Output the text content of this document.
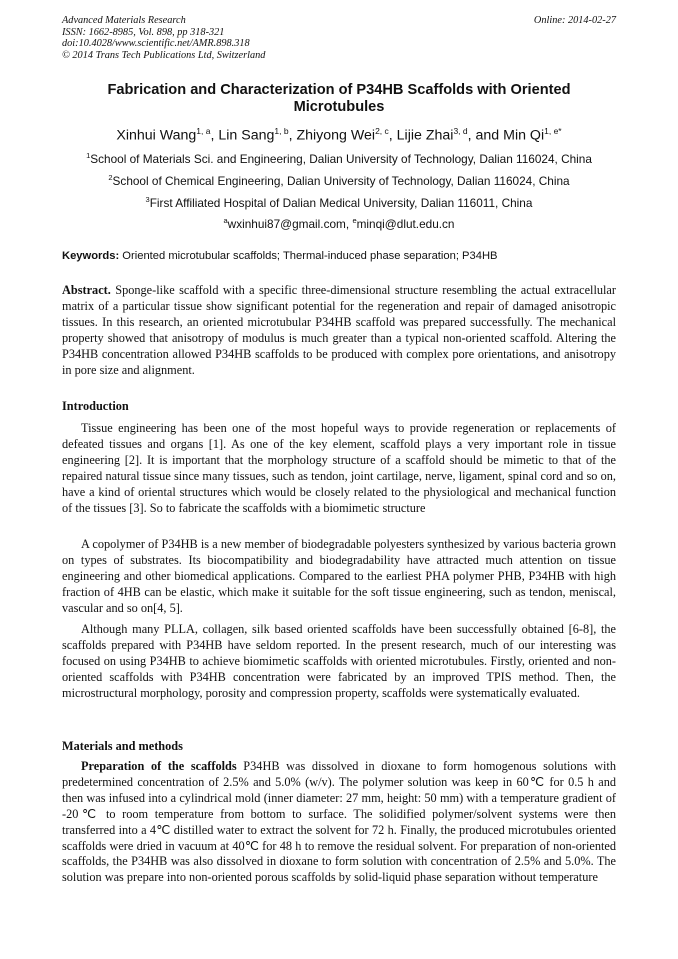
Advanced Materials Research
ISSN: 1662-8985, Vol. 898, pp 318-321
doi:10.4028/www.scientific.net/AMR.898.318
© 2014 Trans Tech Publications Ltd, Switzerland
Online: 2014-02-27
Fabrication and Characterization of P34HB Scaffolds with Oriented Microtubules
Xinhui Wang$^{1, a}$, Lin Sang$^{1, b}$, Zhiyong Wei$^{2, c}$, Lijie Zhai$^{3, d}$, and Min $Qi^{1, e*}$
$^1$School of Materials Sci. and Engineering, Dalian University of Technology, Dalian 116024, China
$^2$School of Chemical Engineering, Dalian University of Technology, Dalian 116024, China
$^3$First Affiliated Hospital of Dalian Medical University, Dalian 116011, China
$^a$wxinhui87@gmail.com, $^e$minqi@dlut.edu.cn
Keywords: Oriented microtubular scaffolds; Thermal-induced phase separation; P34HB

Abstract. Sponge-like scaffold with a specific three-dimensional structure resembling the actual extracellular matrix of a particular tissue show significant potential for the regeneration and repair of damaged anisotropic tissues. In this research, an oriented microtubular P34HB scaffold was prepared successfully. The mechanical property showed that anisotropy of modulus is much greater than a typical non-oriented scaffold. Altering the P34HB concentration allowed P34HB scaffolds to be produced with complex pore orientations, and anisotropy in pore size and alignment.

Introduction

Tissue engineering has been one of the most hopeful ways to provide regeneration or replacements of defeated tissues and organs [1]. As one of the key element, scaffold plays a very important role in tissue engineering [2]. It is important that the morphology structure of a scaffold should be mimetic to that of the repaired natural tissue since many tissues, such as tendon, joint cartilage, nerve, ligament, spinal cord and so on, have a kind of oriental structures which would be closely related to the physiological and mechanical function of the tissues [3]. So to fabricate the scaffolds with a biomimetic structure

A copolymer of P34HB is a new member of biodegradable polyesters synthesized by various bacteria grown on types of substrates. Its biocompatibility and biodegradability have attracted much attention on tissue engineering and other biomedical applications. Compared to the earliest PHA polymer PHB, P34HB with high fraction of 4HB can be elastic, which make it suitable for the soft tissue engineering, such as tendon, meniscal, vascular and so on[4, 5].

Although many PLLA, collagen, silk based oriented scaffolds have been successfully obtained [6-8], the scaffolds prepared with P34HB have seldom reported. In the present research, much of our interesting was focused on using P34HB to achieve biomimetic scaffolds with oriented microtubules. Firstly, oriented and non-oriented scaffolds with P34HB concentration were fabricated by an improved TPIS method. Then, the microstructural morphology, porosity and compression property, scaffolds were systematically evaluated.

Materials and methods

Preparation of the scaffolds P34HB was dissolved in dioxane to form homogenous solutions with predetermined concentration of 2.5% and 5.0% (w/v). The polymer solution was keep in 60℃ for 0.5 h and then was infused into a cylindrical mold (inner diameter: 27 mm, height: 50 mm) with a temperature gradient of -20℃ to room temperature from bottom to surface. The solidified polymer/solvent systems were then transferred into a 4℃ distilled water to extract the solvent for 72 h. Finally, the produced microtubules oriented scaffolds were dried in vacuum at 40℃ for 48 h to remove the residual solvent. For preparation of non-oriented scaffolds, the P34HB was also dissolved in dioxane to form solution with concentration of 2.5% and 5.0%. The solution was prepare into non-oriented porous scaffolds by solid-liquid phase separation without temperature
